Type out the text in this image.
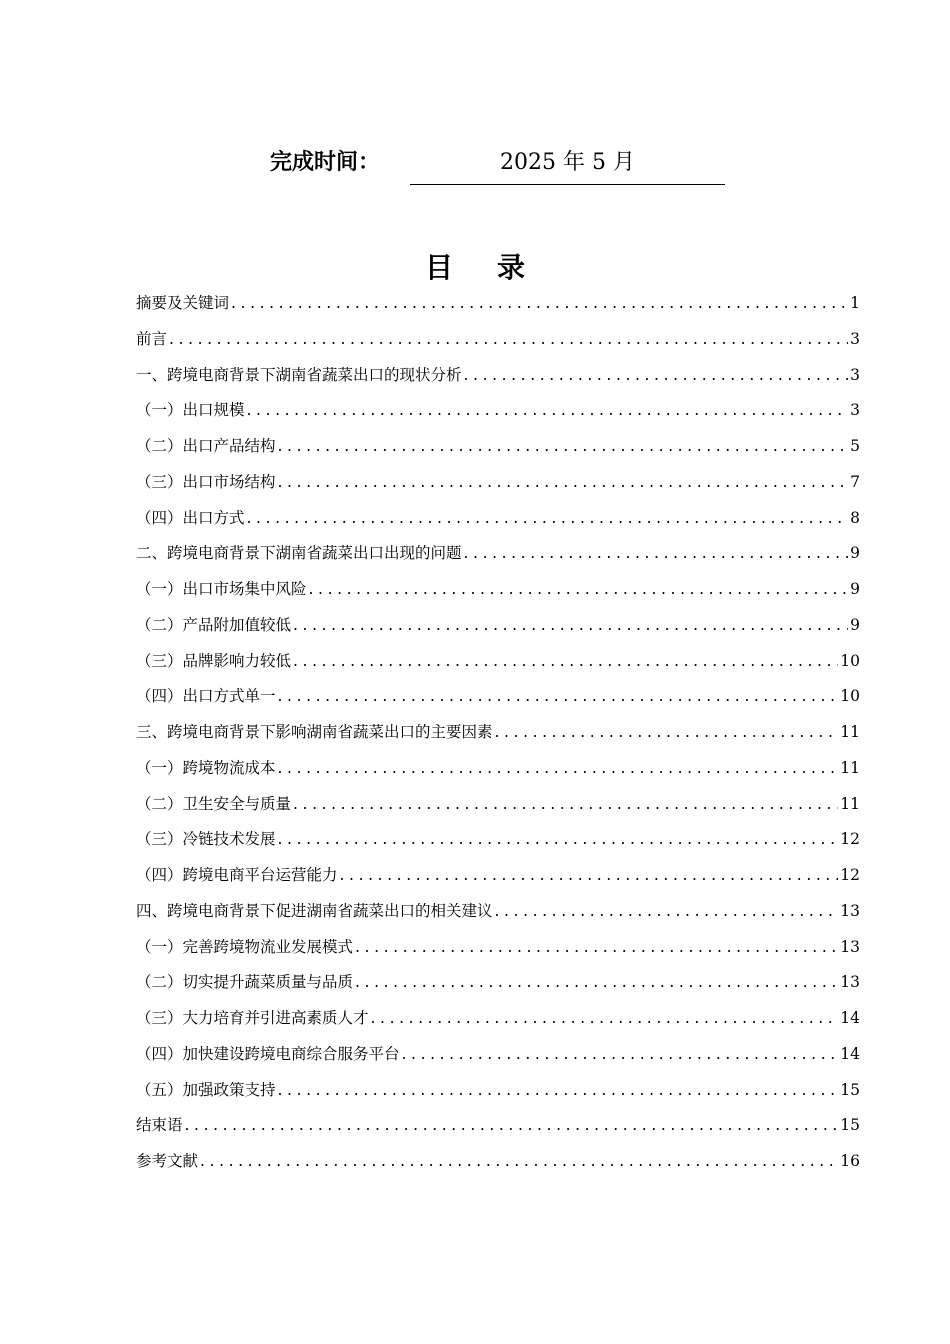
完成时间：	2025 年 5 月
目录
摘要及关键词 .....	1
前言 .....	3
一、跨境电商背景下湖南省蔬菜出口的现状分析 .....	3
（一）出口规模 .....	3
（二）出口产品结构 .....	5
（三）出口市场结构 .....	7
（四）出口方式 .....	8
二、跨境电商背景下湖南省蔬菜出口出现的问题 .....	9
（一）出口市场集中风险 .....	9
（二）产品附加值较低 .....	9
（三）品牌影响力较低 .....	10
（四）出口方式单一 .....	10
三、跨境电商背景下影响湖南省蔬菜出口的主要因素 .....	11
（一）跨境物流成本 .....	11
（二）卫生安全与质量 .....	11
（三）冷链技术发展 .....	12
（四）跨境电商平台运营能力 .....	12
四、跨境电商背景下促进湖南省蔬菜出口的相关建议 .....	13
（一）完善跨境物流业发展模式 .....	13
（二）切实提升蔬菜质量与品质 .....	13
（三）大力培育并引进高素质人才 .....	14
（四）加快建设跨境电商综合服务平台 .....	14
（五）加强政策支持 .....	15
结束语 .....	15
参考文献 .....	16
